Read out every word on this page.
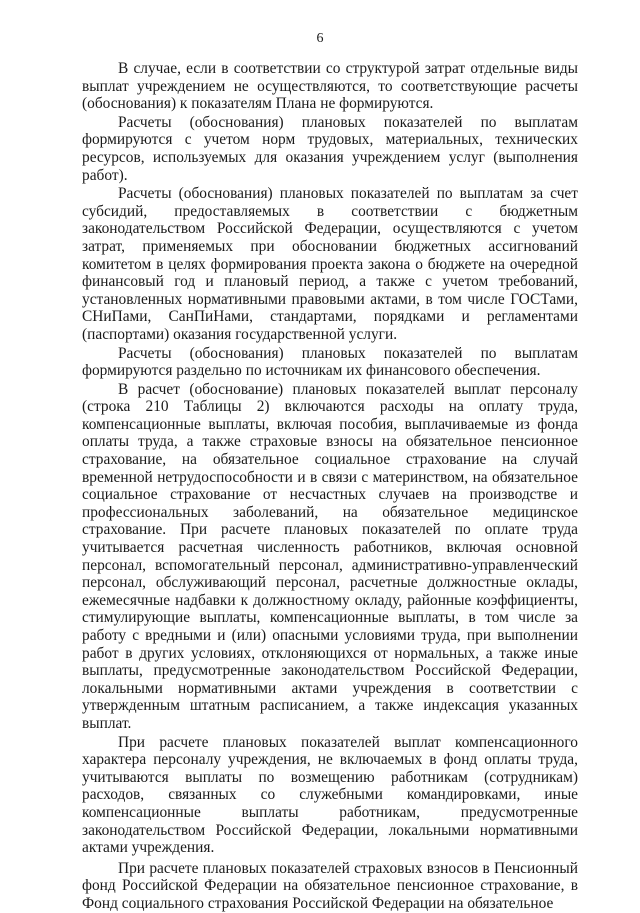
6

В случае, если в соответствии со структурой затрат отдельные виды выплат учреждением не осуществляются, то соответствующие расчеты (обоснования) к показателям Плана не формируются.

Расчеты (обоснования) плановых показателей по выплатам формируются с учетом норм трудовых, материальных, технических ресурсов, используемых для оказания учреждением услуг (выполнения работ).

Расчеты (обоснования) плановых показателей по выплатам за счет субсидий, предоставляемых в соответствии с бюджетным законодательством Российской Федерации, осуществляются с учетом затрат, применяемых при обосновании бюджетных ассигнований комитетом в целях формирования проекта закона о бюджете на очередной финансовый год и плановый период, а также с учетом требований, установленных нормативными правовыми актами, в том числе ГОСТами, СНиПами, СанПиНами, стандартами, порядками и регламентами (паспортами) оказания государственной услуги.

Расчеты (обоснования) плановых показателей по выплатам формируются раздельно по источникам их финансового обеспечения.

В расчет (обоснование) плановых показателей выплат персоналу (строка 210 Таблицы 2) включаются расходы на оплату труда, компенсационные выплаты, включая пособия, выплачиваемые из фонда оплаты труда, а также страховые взносы на обязательное пенсионное страхование, на обязательное социальное страхование на случай временной нетрудоспособности и в связи с материнством, на обязательное социальное страхование от несчастных случаев на производстве и профессиональных заболеваний, на обязательное медицинское страхование. При расчете плановых показателей по оплате труда учитывается расчетная численность работников, включая основной персонал, вспомогательный персонал, административно-управленческий персонал, обслуживающий персонал, расчетные должностные оклады, ежемесячные надбавки к должностному окладу, районные коэффициенты, стимулирующие выплаты, компенсационные выплаты, в том числе за работу с вредными и (или) опасными условиями труда, при выполнении работ в других условиях, отклоняющихся от нормальных, а также иные выплаты, предусмотренные законодательством Российской Федерации, локальными нормативными актами учреждения в соответствии с утвержденным штатным расписанием, а также индексация указанных выплат.

При расчете плановых показателей выплат компенсационного характера персоналу учреждения, не включаемых в фонд оплаты труда, учитываются выплаты по возмещению работникам (сотрудникам) расходов, связанных со служебными командировками, иные компенсационные выплаты работникам, предусмотренные законодательством Российской Федерации, локальными нормативными актами учреждения.

При расчете плановых показателей страховых взносов в Пенсионный фонд Российской Федерации на обязательное пенсионное страхование, в Фонд социального страхования Российской Федерации на обязательное
